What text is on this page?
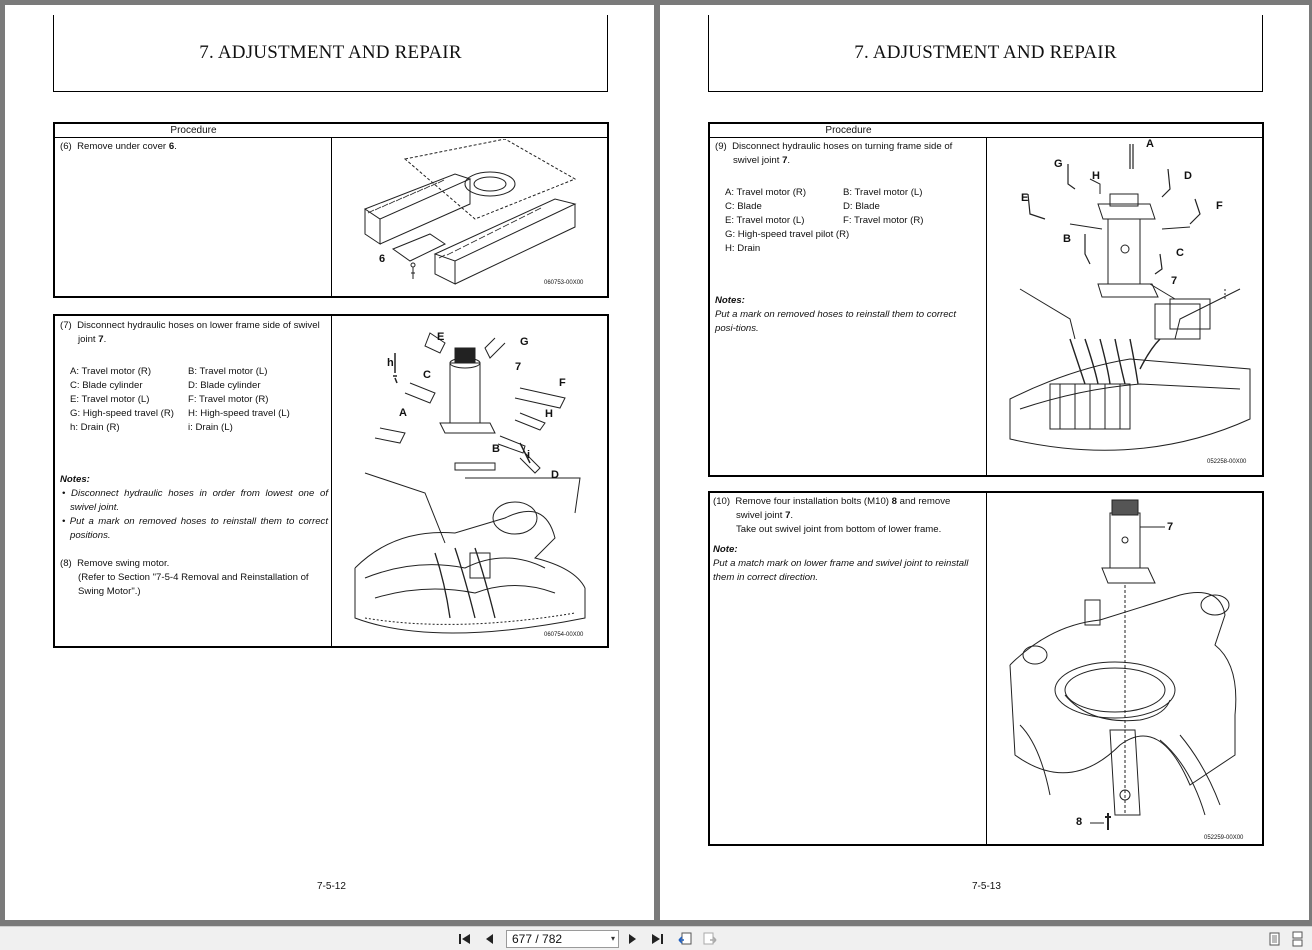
7. ADJUSTMENT AND REPAIR
Procedure
(6) Remove under cover 6.
6
060753-00X00
(7) Disconnect hydraulic hoses on lower frame side of swivel
joint 7.
A: Travel motor (R)	B: Travel motor (L)
C: Blade cylinder	D: Blade cylinder
E: Travel motor (L)	F: Travel motor (R)
G: High-speed travel (R)	H: High-speed travel (L)
h: Drain (R)	i: Drain (L)
Notes:
• Disconnect hydraulic hoses in order from lowest one of swivel joint.
• Put a mark on removed hoses to reinstall them to correct positions.
(8) Remove swing motor.
(Refer to Section "7-5-4 Removal and Reinstallation of
Swing Motor".)
E	G
h	7
C
F
A	H
B i
D
060754-00X00
7-5-12
7. ADJUSTMENT AND REPAIR
Procedure
(9) Disconnect hydraulic hoses on turning frame side of
swivel joint 7.
A: Travel motor (R)	B: Travel motor (L)
C: Blade	D: Blade
E: Travel motor (L)	F: Travel motor (R)
G: High-speed travel pilot (R)
H: Drain
Notes:
Put a mark on removed hoses to reinstall them to correct
posi-tions.
A
G
H	D
E
F
B
C
7
052258-00X00
(10) Remove four installation bolts (M10) 8 and remove
swivel joint 7.
Take out swivel joint from bottom of lower frame.
Note:
Put a match mark on lower frame and swivel joint to reinstall
them in correct direction.
7
8
052259-00X00
7-5-13
677 / 782	▾
